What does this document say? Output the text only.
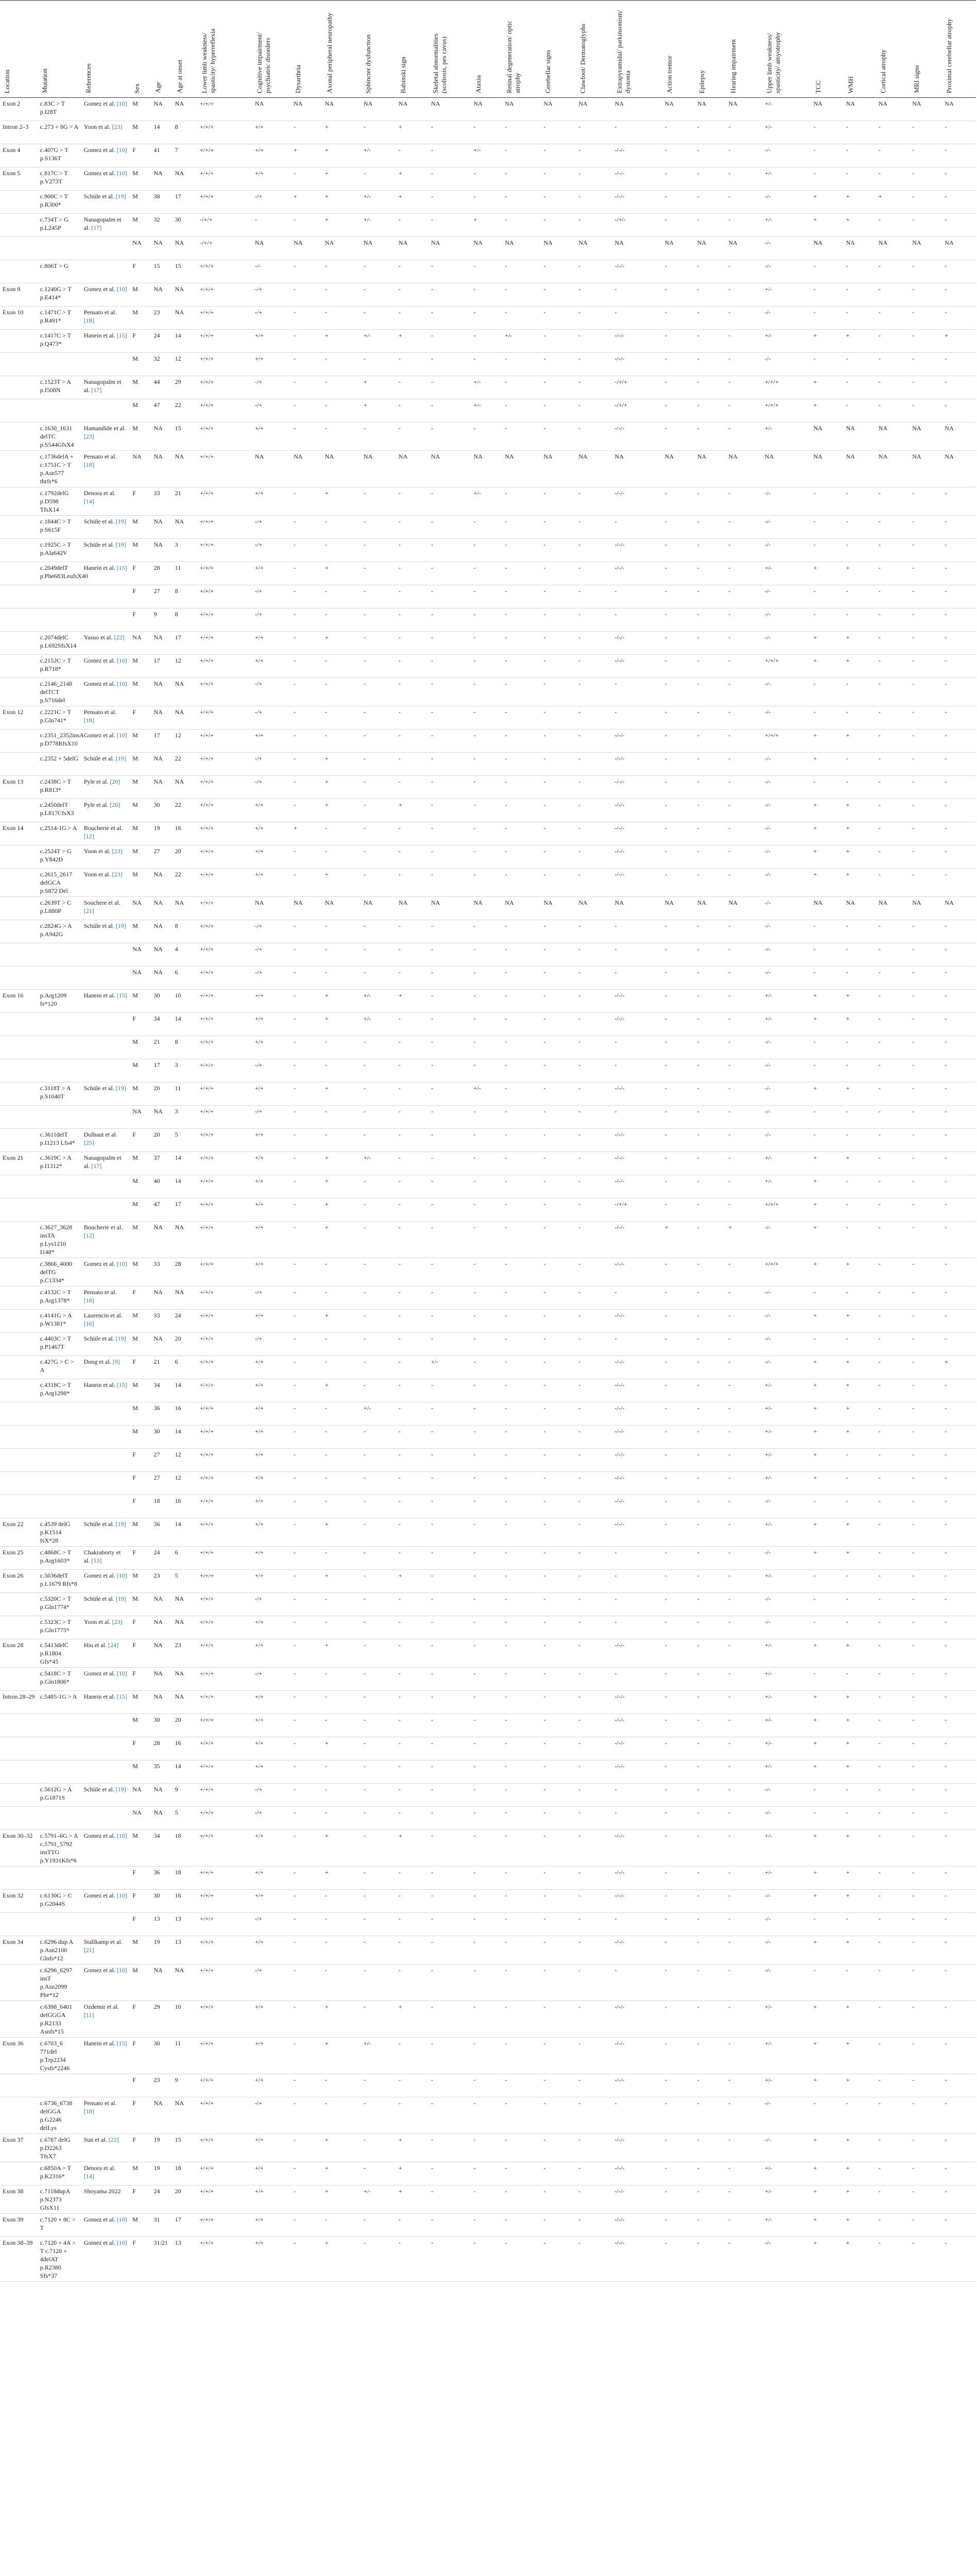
Location	Mutation	References	Sex	Age	Age at onset	Lower limb weakness/ spasticity/ hyperreflexia	Cognitive impairment/ psychiatric disorders	Dysarthria	Axonal peripheral neuropathy	Sphincter dysfunction	Babinski sign	Skeletal abnormalities (scoliosis, pes cavus)	Ataxia	Retinal degeneration/ optic atrophy	Cerebellar signs	Clawfoot/ Dermatoglyphs	Extrapyramidal/ parkinsonism/ dystonia	Action tremor	Epilepsy	Hearing impairment	Upper limb weakness/ spasticity/ amyotrophy	TCC	WMH	Cortical atrophy	MRI signs	Proximal cerebellar atrophy
Exon 2	c.83C > T p.I28T	Gomez et al. [10]	M	NA	NA	+/+/+	NA	NA	NA	NA	NA	NA	NA	NA	NA	NA	NA	NA	NA	NA	+/-	NA	NA	NA	NA	NA
Intron 2–3	c.273 + 8G > A	Yoon et al. [23]	M	14	8	+/+/+	+/+	-	+	-	+	-	-	-	-	-	-	-	-	-	+/-	-	-	-	-	-
Exon 4	c.407G > T p.S136T	Gomez et al. [10]	F	41	7	+/+/+	+/+	+	+	+/-	-	-	+/-	-	-	-	-/-/-	-	-	-	-/-	-	-	-	-	-
Exon 5	c.817C > T p.V273T	Gomez et al. [10]	M	NA	NA	+/+/+	+/+	-	+	-	+	-	-	-	-	-	-/-/-	-	-	-	+/-	-	-	-	-	-
	c.900C > T p.R300*	Schüle et al. [19]	M	38	17	+/+/+	-/+	+	+	+/-	+	-	-	-	-	-	-/-/-	-	-	-	-/-	+	+	+	-	-
	c.734T > G p.L245P	Nanagopalm et al. [17]	M	32	30	-/+/+	-	-	+	+/-	-	-	+	-	-	-	-/+/-	-	-	-	+/-	+	+	-	-	-
			NA	NA	NA	-/+/+	NA	NA	NA	NA	NA	NA	NA	NA	NA	NA	NA	NA	NA	NA	-/-	NA	NA	NA	NA	NA
	c.806T > G		F	15	15	+/+/+	-/-	-	-	-	-	-	-	-	-	-	-/-/-	-	-	-	-/-	-	-	-	-	-
Exon 9	c.1240G > T p.E414*	Gomez et al. [10]	M	NA	NA	+/+/+	-/+	-	-	-	-	-	-	-	-	-	-	-	-	-	+/-	-	-	-	-	-
Exon 10	c.1471C > T p.R491*	Pensato et al. [18]	M	23	NA	+/+/+	-/+	-	-	-	-	-	-	-	-	-	-	-	-	-	-/-	-	-	-	-	-
	c.1417C > T p.Q473*	Hanein et al. [15]	F	24	14	+/+/+	+/+	-	+	+/-	+	-	-	+/-	-	-	-/-/-	-	-	-	+/-	+	+	-	-	+
			M	32	12	+/+/+	+/+	-	-	-	-	-	-	-	-	-	-/-/-	-	-	-	-/-	-	-	-	-	-
	c.1523T > A p.I508N	Nanagopalm et al. [17]	M	44	29	+/+/+	-/+	-	-	+	-	-	+/-	-	-	-	-/+/+	-	-	-	+/+/+	+	-	-	-	-
			M	47	22	+/+/+	-/+	-	-	+	-	-	+/-	-	-	-	-/+/+	-	-	-	+/+/+	+	-	-	-	-
	c.1630_1631 delTC p.S544GfsX4	Hamandide et al. [23]	M	NA	15	+/+/+	+/+	-	-	-	-	-	-	-	-	-	-/-/-	-	-	-	+/-	NA	NA	NA	NA	NA
	c.1736delA + c.1751C > T p.Asn577 thrfs*6	Pensato et al. [18]	NA	NA	NA	+/+/+	NA	NA	NA	NA	NA	NA	NA	NA	NA	NA	NA	NA	NA	NA	NA	NA	NA	NA	NA	NA
	c.1792delG p.D598 TfsX14	Denora et al. [14]	F	33	21	+/+/+	+/+	-	+	-	-	-	+/-	-	-	-	-/-/-	-	-	-	-/-	-	-	-	-	-
	c.1844C > T p.S615F	Schüle et al. [19]	M	NA	NA	+/+/+	-/+	-	-	-	-	-	-	-	-	-	-	-	-	-	-/-	-	-	-	-	-
	c.1925C > T p.Ala642V	Schüle et al. [19]	M	NA	3	+/+/+	-/+	-	-	-	-	-	-	-	-	-	-/-/-	-	-	-	-/-	-	-	-	-	-
	c.2049delT p.Phe683LeufsX40	Hanein et al. [15]	F	28	11	+/+/+	+/+	-	+	-	-	-	-	-	-	-	-/-/-	-	-	-	+/-	+	+	-	-	-
			F	27	8	+/+/+	-/+	-	-	-	-	-	-	-	-	-	-	-	-	-	-/-	-	-	-	-	-
			F	9	8	+/+/+	-/+	-	-	-	-	-	-	-	-	-	-	-	-	-	-/-	-	-	-	-	-
	c.2074delC p.L692SfsX14	Yasuo et al. [22]	NA	NA	17	+/+/+	+/+	-	+	-	-	-	-	-	-	-	-/-/-	-	-	-	-/-	+	+	-	-	-
	c.2152C > T p.R718*	Gomez et al. [10]	M	17	12	+/+/+	+/+	-	-	-	-	-	-	-	-	-	-/-/-	-	-	-	+/+/+	+	+	-	-	-
	c.2146_2148 delTCT p.S716del	Gomez et al. [10]	M	NA	NA	+/+/+	-/+	-	-	-	-	-	-	-	-	-	-	-	-	-	-/-	-	-	-	-	-
Exon 12	c.2221C > T p.Gln741*	Pensato et al. [18]	F	NA	NA	+/+/+	-/+	-	-	-	-	-	-	-	-	-	-	-	-	-	-/-	-	-	-	-	-
	c.2351_2352insA p.D778RfsX10	Gomez et al. [10]	M	17	12	+/+/+	+/+	-	-	-	-	-	-	-	-	-	-/-/-	-	-	-	+/+/+	+	+	-	-	-
	c.2352 + 5delG	Schüle et al. [19]	M	NA	22	+/+/+	-/+	-	+	-	-	-	-	-	-	-	-/-/-	-	-	-	-/-	+	-	-	-	-
Exon 13	c.2438C > T p.R813*	Pyle et al. [20]	M	NA	NA	+/+/+	-/+	-	+	-	-	-	-	-	-	-	-/-/-	-	-	-	-/-	-	-	-	-	-
	c.2450delT p.L817CfsX3	Pyle et al. [20]	M	30	22	+/+/+	+/+	-	+	-	+	-	-	-	-	-	-/-/-	-	-	-	-/-	+	+	-	-	-
Exon 14	c.2514-1G > A	Boucherie et al. [12]	M	19	16	+/+/+	+/+	+	-	-	-	-	-	-	-	-	-/-/-	-	-	-	-/-	+	+	-	-	-
	c.2524T > G p.Y842D	Yoon et al. [23]	M	27	20	+/+/+	+/+	-	-	-	-	-	-	-	-	-	-/-/-	-	-	-	-/-	+	+	-	-	-
	c.2615_2617 delGCA p.S872 Del	Yoon et al. [23]	M	NA	22	+/+/+	+/+	-	+	-	-	-	-	-	-	-	-/-/-	-	-	-	-/-	+	+	-	-	-
	c.2639T > C p.L880P	Souchere et al. [21]	NA	NA	NA	+/+/+	NA	NA	NA	NA	NA	NA	NA	NA	NA	NA	NA	NA	NA	NA	-/-	NA	NA	NA	NA	NA
	c.2824G > A p.A942G	Schüle et al. [19]	M	NA	8	+/+/+	-/+	-	-	-	-	-	-	-	-	-	-	-	-	-	-/-	-	-	-	-	-
			NA	NA	4	+/+/+	-/+	-	-	-	-	-	-	-	-	-	-	-	-	-	-/-	-	-	-	-	-
			NA	NA	6	+/+/+	-/+	-	-	-	-	-	-	-	-	-	-	-	-	-	-/-	-	-	-	-	-
Exon 16	p.Arg1209 fs*120	Hanein et al. [15]	M	30	10	+/+/+	+/+	-	+	+/-	+	-	-	-	-	-	-/-/-	-	-	-	+/-	+	+	-	-	-
			F	34	14	+/+/+	+/+	-	+	+/-	-	-	-	-	-	-	-/-/-	-	-	-	+/-	+	+	-	-	-
			M	21	8	+/+/+	+/+	-	-	-	-	-	-	-	-	-	-	-	-	-	-/-	-	-	-	-	-
			M	17	3	+/+/+	-/+	-	-	-	-	-	-	-	-	-	-	-	-	-	-/-	-	-	-	-	-
	c.3118T > A p.S1040T	Schüle et al. [19]	M	20	11	+/+/+	+/+	-	+	-	-	-	+/-	-	-	-	-/-/-	-	-	-	-/-	+	+	-	-	-
			NA	NA	3	+/+/+	-/+	-	-	-	-	-	-	-	-	-	-	-	-	-	-/-	-	-	-	-	-
	c.3611delT p.I1213 Lfs4*	Dulhaut et al. [25]	F	20	5	+/+/+	+/+	-	-	-	-	-	-	-	-	-	-/-/-	-	-	-	-/-	-	-	-	-	-
Exon 21	c.3619C > A p.I1312*	Nanagopalm et al. [17]	M	37	14	+/+/+	+/+	-	+	+/-	-	-	-	-	-	-	-/-/-	-	-	-	+/-	+	+	-	-	-
			M	40	14	+/+/+	+/+	-	+	-	-	-	-	-	-	-	-/-/-	-	-	-	+/-	+	-	-	-	-
			M	47	17	+/+/+	+/+	-	+	-	-	-	-	-	-	-	-/+/+	-	-	-	+/+/+	+	-	-	-	-
	c.3627_3628 insTA p.Lys1210 I148*	Boucherie et al. [12]	M	NA	NA	+/+/+	+/+	-	+	-	-	-	-	-	-	-	-/-/-	+	-	+	-/-	+	-	-	-	-
	c.3866_4000 delTG p.C1334*	Gomez et al. [10]	M	33	28	+/+/+	+/+	-	-	-	-	-	-	-	-	-	-/-/-	-	-	-	+/+/+	+	+	-	-	-
	c.4132C > T p.Arg1378*	Pensato et al. [18]	F	NA	NA	+/+/+	-/+	-	-	-	-	-	-	-	-	-	-	-	-	-	-/-	-	-	-	-	-
	c.4141G > A p.W1381*	Laurencin et al. [16]	M	33	24	+/+/+	+/+	-	+	-	-	-	-	-	-	-	-/-/-	-	-	-	-/-	+	+	-	-	-
	c.4403C > T p.P1467T	Schüle et al. [19]	M	NA	20	+/+/+	-/+	-	-	-	-	-	-	-	-	-	-	-	-	-	-/-	-	-	-	-	-
	c.427G > C > A	Dong et al. [9]	F	21	6	+/+/+	+/+	-	-	-	-	+/-	-	-	-	-	-/-/-	-	-	-	-/-	+	+	-	-	+
	c.4318C > T p.Arg1298*	Hanein et al. [15]	M	34	14	+/+/+	+/+	-	+	-	-	-	-	-	-	-	-/-/-	-	-	-	+/-	+	+	-	-	-
			M	36	16	+/+/+	+/+	-	-	+/-	-	-	-	-	-	-	-/-/-	-	-	-	+/-	+	+	-	-	-
			M	30	14	+/+/+	+/+	-	-	-	-	-	-	-	-	-	-/-/-	-	-	-	+/-	+	+	-	-	-
			F	27	12	+/+/+	+/+	-	-	-	-	-	-	-	-	-	-/-/-	-	-	-	+/-	+	-	-	-	-
			F	27	12	+/+/+	+/+	-	-	-	-	-	-	-	-	-	-/-/-	-	-	-	+/-	+	-	-	-	-
			F	18	16	+/+/+	+/+	-	-	-	-	-	-	-	-	-	-/-/-	-	-	-	-/-	-	-	-	-	-
Exon 22	c.4539 delG p.K1514 fsX*28	Schüle et al. [19]	M	36	14	+/+/+	+/+	-	+	-	-	-	-	-	-	-	-/-/-	-	-	-	+/-	+	+	-	-	-
Exon 25	c.4868C > T p.Arg1603*	Chakraborty et al. [13]	F	24	6	+/+/+	+/+	-	-	-	-	-	-	-	-	-	-	-	-	-	-/-	+	+	-	-	-
Exon 26	c.5036delT p.L1679 Rfs*8	Gomez et al. [10]	M	23	5	+/+/+	+/+	-	+	-	+	-	-	-	-	-	-	-	-	-	+/-	-	-	-	-	-
	c.5320C > T p.Gln1774*	Schüle et al. [19]	M	NA	NA	+/+/+	-/+	-	-	-	-	-	-	-	-	-	-	-	-	-	-/-	-	-	-	-	-
	c.5323C > T p.Gln1775*	Yoon et al. [23]	F	NA	NA	+/+/+	+/+	-	-	-	-	-	-	-	-	-	-	-	-	-	-/-	-	-	-	-	-
Exon 28	c.5413delC p.R1804 Gfs*45	Hiu et al. [24]	F	NA	23	+/+/+	+/+	-	+	-	-	-	-	-	-	-	-/-/-	-	-	-	+/-	+	+	-	-	-
	c.5418C > T p.Gln1806*	Gomez et al. [10]	F	NA	NA	+/+/+	-/+	-	-	-	-	-	-	-	-	-	-	-	-	-	+/-	-	-	-	-	-
Intron 28–29	c.5485-1G > A	Hanein et al. [15]	M	NA	NA	+/+/+	+/+	-	-	-	-	-	-	-	-	-	-/-/-	-	-	-	+/-	+	+	-	-	-
			M	30	20	+/+/+	+/+	-	-	-	-	-	-	-	-	-	-/-/-	-	-	-	+/-	+	+	-	-	-
			F	28	16	+/+/+	+/+	-	+	-	-	-	-	-	-	-	-/-/-	-	-	-	+/-	+	+	-	-	-
			M	35	14	+/+/+	+/+	-	-	-	-	-	-	-	-	-	-/-/-	-	-	-	+/-	+	+	-	-	-
	c.5612G > A p.G1871S	Schüle et al. [19]	NA	NA	9	+/+/+	-/+	-	-	-	-	-	-	-	-	-	-	-	-	-	-/-	-	-	-	-	-
			NA	NA	5	+/+/+	-/+	-	-	-	-	-	-	-	-	-	-	-	-	-	-/-	-	-	-	-	-
Exon 30–32	c.5791–6G > A c.5791_5792 insTTG p.Y1931Kfs*6	Gomez et al. [10]	M	34	18	+/+/+	+/+	-	+	-	+	-	-	-	-	-	-/-/-	-	-	-	+/-	+	+	-	-	-
			F	36	18	+/+/+	+/+	-	+	-	-	-	-	-	-	-	-/-/-	-	-	-	+/-	+	+	-	-	-
Exon 32	c.6130G > C p.G2044S	Gomez et al. [10]	F	30	16	+/+/+	+/+	-	-	-	-	-	-	-	-	-	-/-/-	-	-	-	-/-	+	+	-	-	-
			F	13	13	+/+/+	-/+	-	-	-	-	-	-	-	-	-	-	-	-	-	-/-	-	-	-	-	-
Exon 34	c.6296 dup A p.Asn2100 Glnfs*12	Stallkamp et al. [21]	M	19	13	+/+/+	+/+	-	-	-	-	-	-	-	-	-	-/-/-	-	-	-	-/-	+	+	-	-	-
	c.6296_6297 insT p.Asn2099 Phe*12	Gomez et al. [10]	M	NA	NA	+/+/+	-/+	-	-	-	-	-	-	-	-	-	-	-	-	-	-/-	-	-	-	-	-
	c.6398_6401 delGGGA p.R2133 Asnfs*15	Ozdemir et al. [11]	F	29	10	+/+/+	+/+	-	+	-	+	-	-	-	-	-	-/-/-	-	-	-	+/-	+	+	-	-	-
Exon 36	c.6703_6 771del p.Trp2234 Cysfs*2246	Hanein et al. [15]	F	30	11	+/+/+	+/+	-	+	+/-	-	-	-	-	-	-	-/-/-	-	-	-	+/-	+	+	-	-	-
			F	23	9	+/+/+	+/+	-	-	-	-	-	-	-	-	-	-/-/-	-	-	-	+/-	+	+	-	-	-
	c.6736_6738 delGGA p.G2246 delLys	Pensato et al. [18]	F	NA	NA	+/+/+	-/+	-	-	-	-	-	-	-	-	-	-	-	-	-	-/-	-	-	-	-	-
Exon 37	c.6787 delG p.D2263 TfsX7	Sun et al. [22]	F	19	15	+/+/+	+/+	-	+	-	+	-	-	-	-	-	-/-/-	-	-	-	-/-	+	+	-	-	-
	c.6850A > T p.K2316*	Denora et al. [14]	M	19	18	+/+/+	+/+	-	+	-	+	-	-	-	-	-	-/-/-	-	-	-	+/-	+	+	-	-	-
Exon 38	c.7118dupA p.N2373 GfsX11	Shoyama 2022	F	24	20	+/+/+	+/+	-	+	+/-	+	-	-	-	-	-	-/-/-	-	-	-	+/-	+	+	-	-	-
Exon 39	c.7120 + 8C > T	Gomez et al. [10]	M	31	17	+/+/+	+/+	-	-	-	-	-	-	-	-	-	-/-/-	-	-	-	+/-	+	+	-	-	-
Exon 38–39	c.7120 + 4A > T c.7120 + 4delAT p.R2380 Sfs*37	Gomez et al. [10]	F	31/21	13	+/+/+	+/+	-	+	-	-	-	-	-	-	-	-/-/-	-	-	-	-/-	+	+	-	-	-
